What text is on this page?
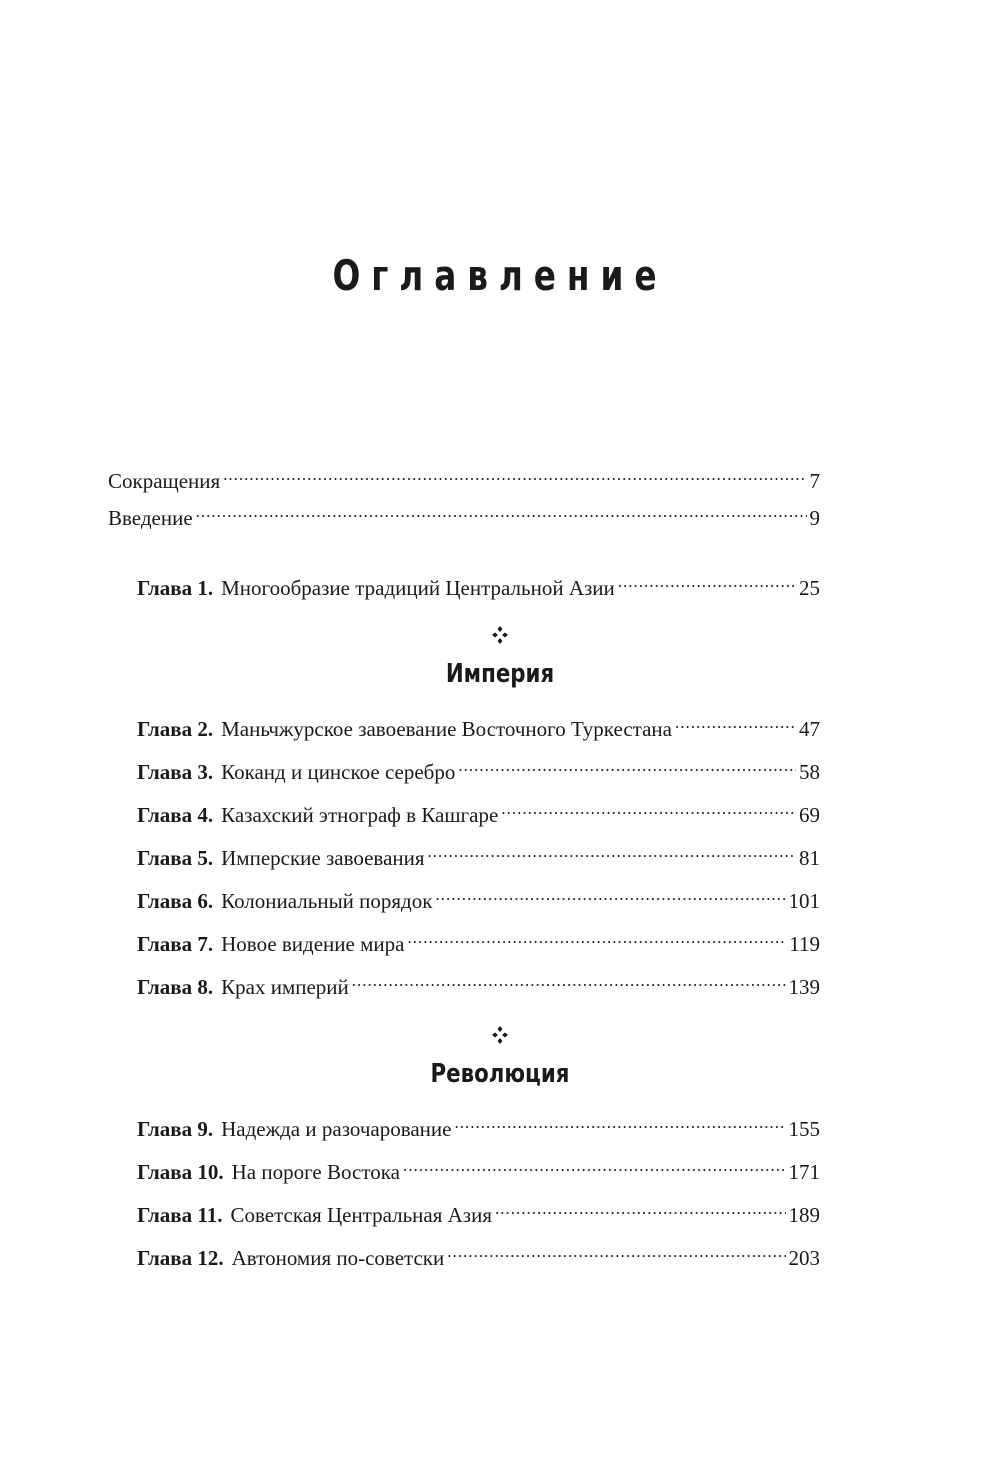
Оглавление
Сокращения .....	7
Введение .....	9
Глава 1. Многообразие традиций Центральной Азии .....	25
Империя
Глава 2. Маньчжурское завоевание Восточного Туркестана .....	47
Глава 3. Коканд и цинское серебро .....	58
Глава 4. Казахский этнограф в Кашгаре .....	69
Глава 5. Имперские завоевания .....	81
Глава 6. Колониальный порядок .....	101
Глава 7. Новое видение мира .....	119
Глава 8. Крах империй .....	139
Революция
Глава 9. Надежда и разочарование .....	155
Глава 10. На пороге Востока .....	171
Глава 11. Советская Центральная Азия .....	189
Глава 12. Автономия по-советски .....	203
